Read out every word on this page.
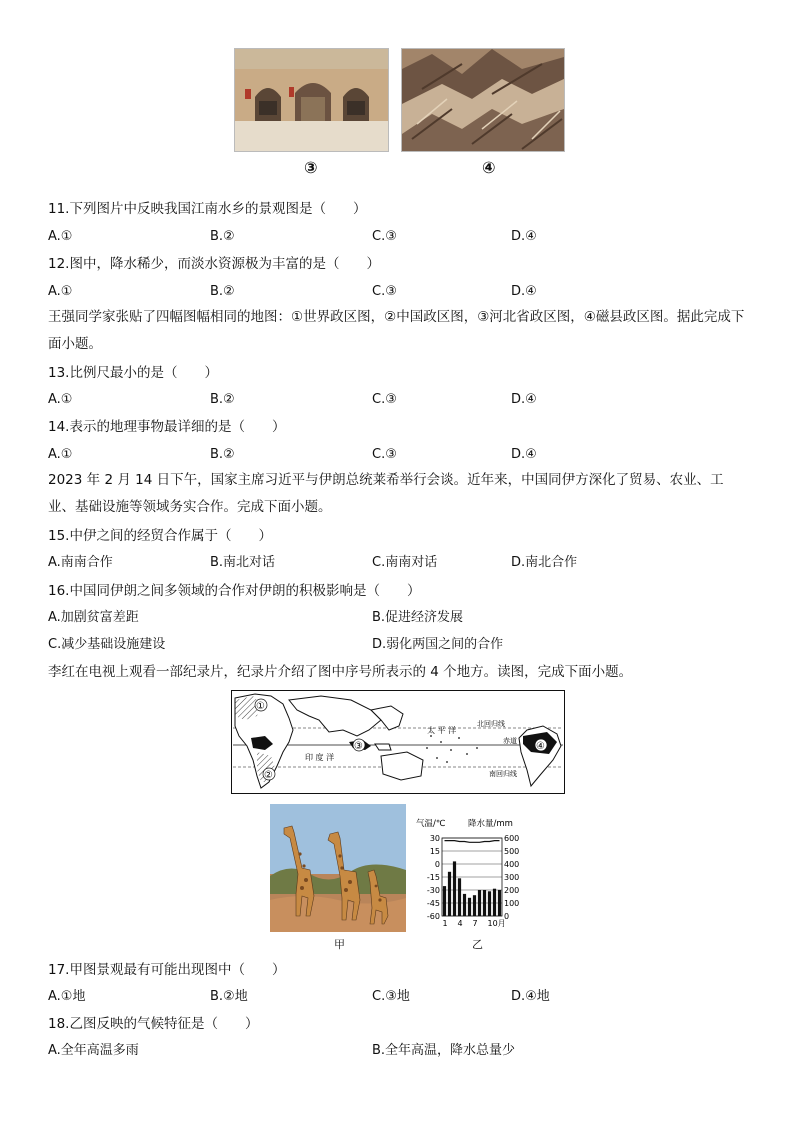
③	④
11.下列图片中反映我国江南水乡的景观图是（　　）
A.①	B.②	C.③	D.④
12.图中，降水稀少，而淡水资源极为丰富的是（　　）
A.①	B.②	C.③	D.④
王强同学家张贴了四幅图幅相同的地图：①世界政区图，②中国政区图，③河北省政区图，④磁县政区图。据此完成下面小题。
13.比例尺最小的是（　　）
A.①	B.②	C.③	D.④
14.表示的地理事物最详细的是（　　）
A.①	B.②	C.③	D.④
2023 年 2 月 14 日下午，国家主席习近平与伊朗总统莱希举行会谈。近年来，中国同伊方深化了贸易、农业、工业、基础设施等领域务实合作。完成下面小题。
15.中伊之间的经贸合作属于（　　）
A.南南合作	B.南北对话	C.南南对话	D.南北合作
16.中国同伊朗之间多领域的合作对伊朗的积极影响是（　　）
A.加剧贫富差距	B.促进经济发展
C.减少基础设施建设	D.弱化两国之间的合作
李红在电视上观看一部纪录片，纪录片介绍了图中序号所表示的 4 个地方。读图，完成下面小题。
①
②
③	④
北回归线
赤道
南回归线
太 平 洋
印 度 洋
甲
气温/℃	降水量/mm
30
15
0
-15
-30
-45
-60
600
500
400
300
200
100
0
1 4 7 10月
乙
17.甲图景观最有可能出现图中（　　）
A.①地	B.②地	C.③地	D.④地
18.乙图反映的气候特征是（　　）
A.全年高温多雨	B.全年高温，降水总量少
